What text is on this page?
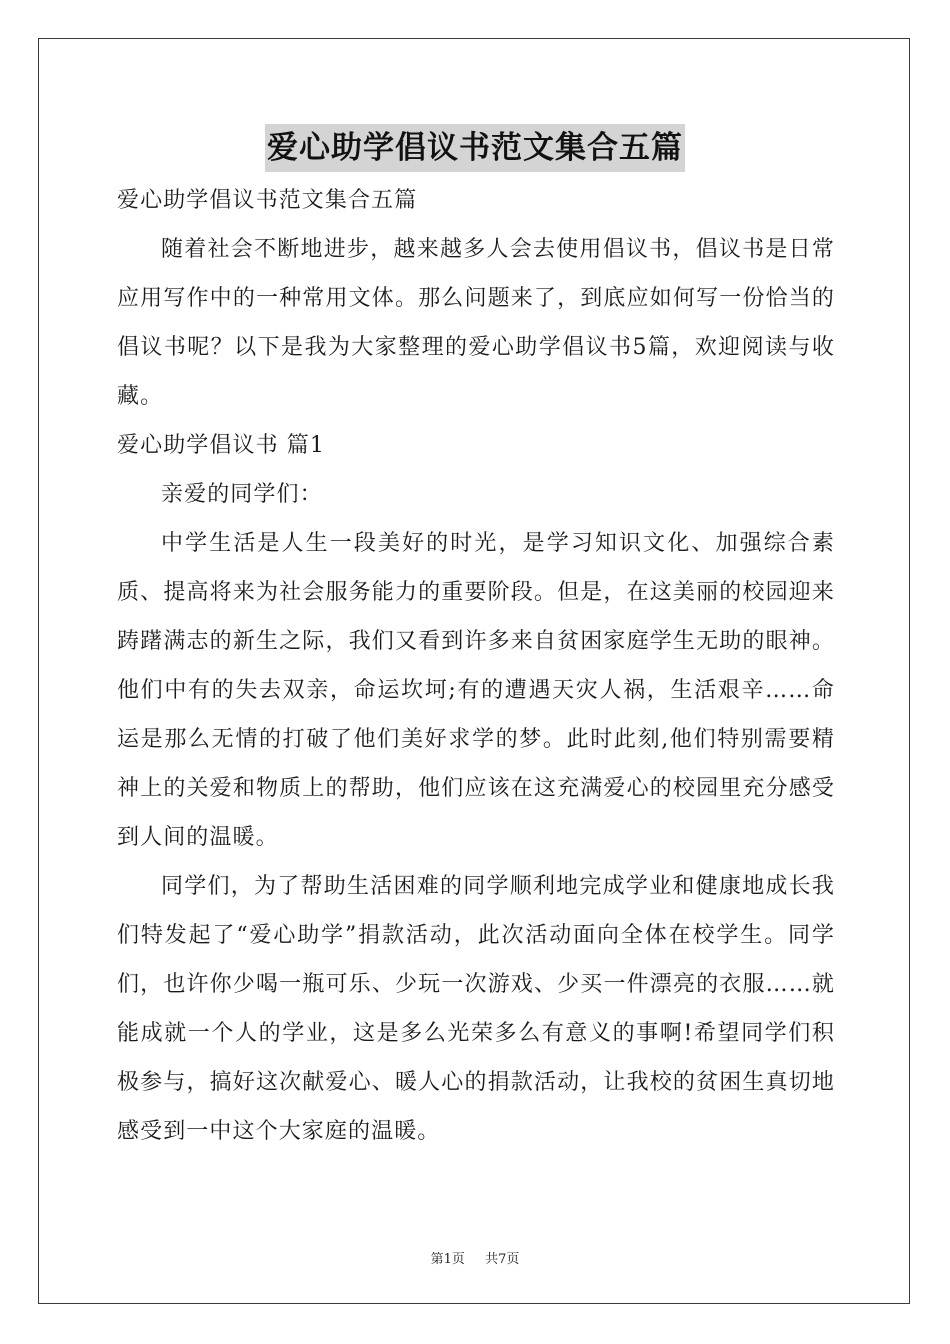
爱心助学倡议书范文集合五篇

爱心助学倡议书范文集合五篇

随着社会不断地进步，越来越多人会去使用倡议书，倡议书是日常应用写作中的一种常用文体。那么问题来了，到底应如何写一份恰当的倡议书呢？以下是我为大家整理的爱心助学倡议书5篇，欢迎阅读与收藏。

爱心助学倡议书 篇1

亲爱的同学们：

中学生活是人生一段美好的时光，是学习知识文化、加强综合素质、提高将来为社会服务能力的重要阶段。但是，在这美丽的校园迎来踌躇满志的新生之际，我们又看到许多来自贫困家庭学生无助的眼神。他们中有的失去双亲，命运坎坷;有的遭遇天灾人祸，生活艰辛……命运是那么无情的打破了他们美好求学的梦。此时此刻,他们特别需要精神上的关爱和物质上的帮助，他们应该在这充满爱心的校园里充分感受到人间的温暖。

同学们，为了帮助生活困难的同学顺利地完成学业和健康地成长我们特发起了“爱心助学”捐款活动，此次活动面向全体在校学生。同学们，也许你少喝一瓶可乐、少玩一次游戏、少买一件漂亮的衣服……就能成就一个人的学业，这是多么光荣多么有意义的事啊!希望同学们积极参与，搞好这次献爱心、暖人心的捐款活动，让我校的贫困生真切地感受到一中这个大家庭的温暖。

第1页 共7页
